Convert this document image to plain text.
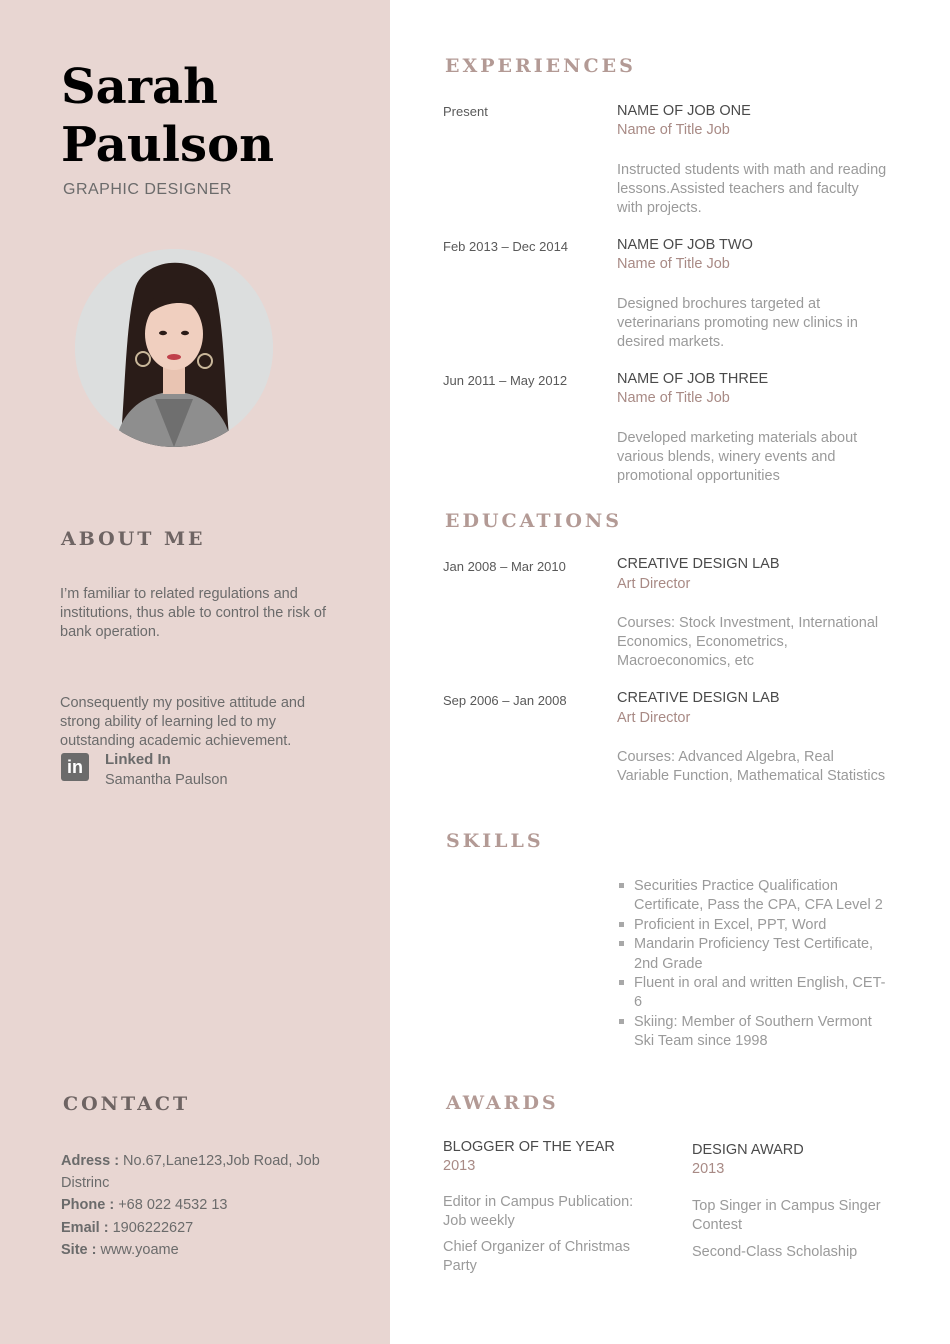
Sarah
Paulson
GRAPHIC DESIGNER
ABOUT ME
I’m familiar to related regulations and institutions, thus able to control the risk of bank operation.
Consequently my positive attitude and strong ability of learning led to my outstanding academic achievement.
in	Linked In
Samantha Paulson
CONTACT
Adress : No.67,Lane123,Job Road, Job Distrinc
Phone : +68 022 4532 13
Email : 1906222627
Site : www.yoame
EXPERIENCES
Present	NAME OF JOB ONE
Name of Title Job
Instructed students with math and reading lessons.Assisted teachers and faculty with projects.
Feb 2013 – Dec 2014	NAME OF JOB TWO
Name of Title Job
Designed brochures targeted at veterinarians promoting new clinics in desired markets.
Jun 2011 – May 2012	NAME OF JOB THREE
Name of Title Job
Developed marketing materials about various blends, winery events and promotional opportunities
EDUCATIONS
Jan 2008 – Mar 2010	CREATIVE DESIGN LAB
Art Director
Courses: Stock Investment, International Economics, Econometrics, Macroeconomics, etc
Sep 2006 – Jan 2008	CREATIVE DESIGN LAB
Art Director
Courses: Advanced Algebra, Real Variable Function, Mathematical Statistics
SKILLS
Securities Practice Qualification Certificate, Pass the CPA, CFA Level 2
Proficient in Excel, PPT, Word
Mandarin Proficiency Test Certificate, 2nd Grade
Fluent in oral and written English, CET-6
Skiing: Member of Southern Vermont Ski Team since 1998
AWARDS
BLOGGER OF THE YEAR
2013
Editor in Campus Publication: Job weekly
Chief Organizer of Christmas Party
DESIGN AWARD
2013
Top Singer in Campus Singer Contest
Second-Class Scholaship
